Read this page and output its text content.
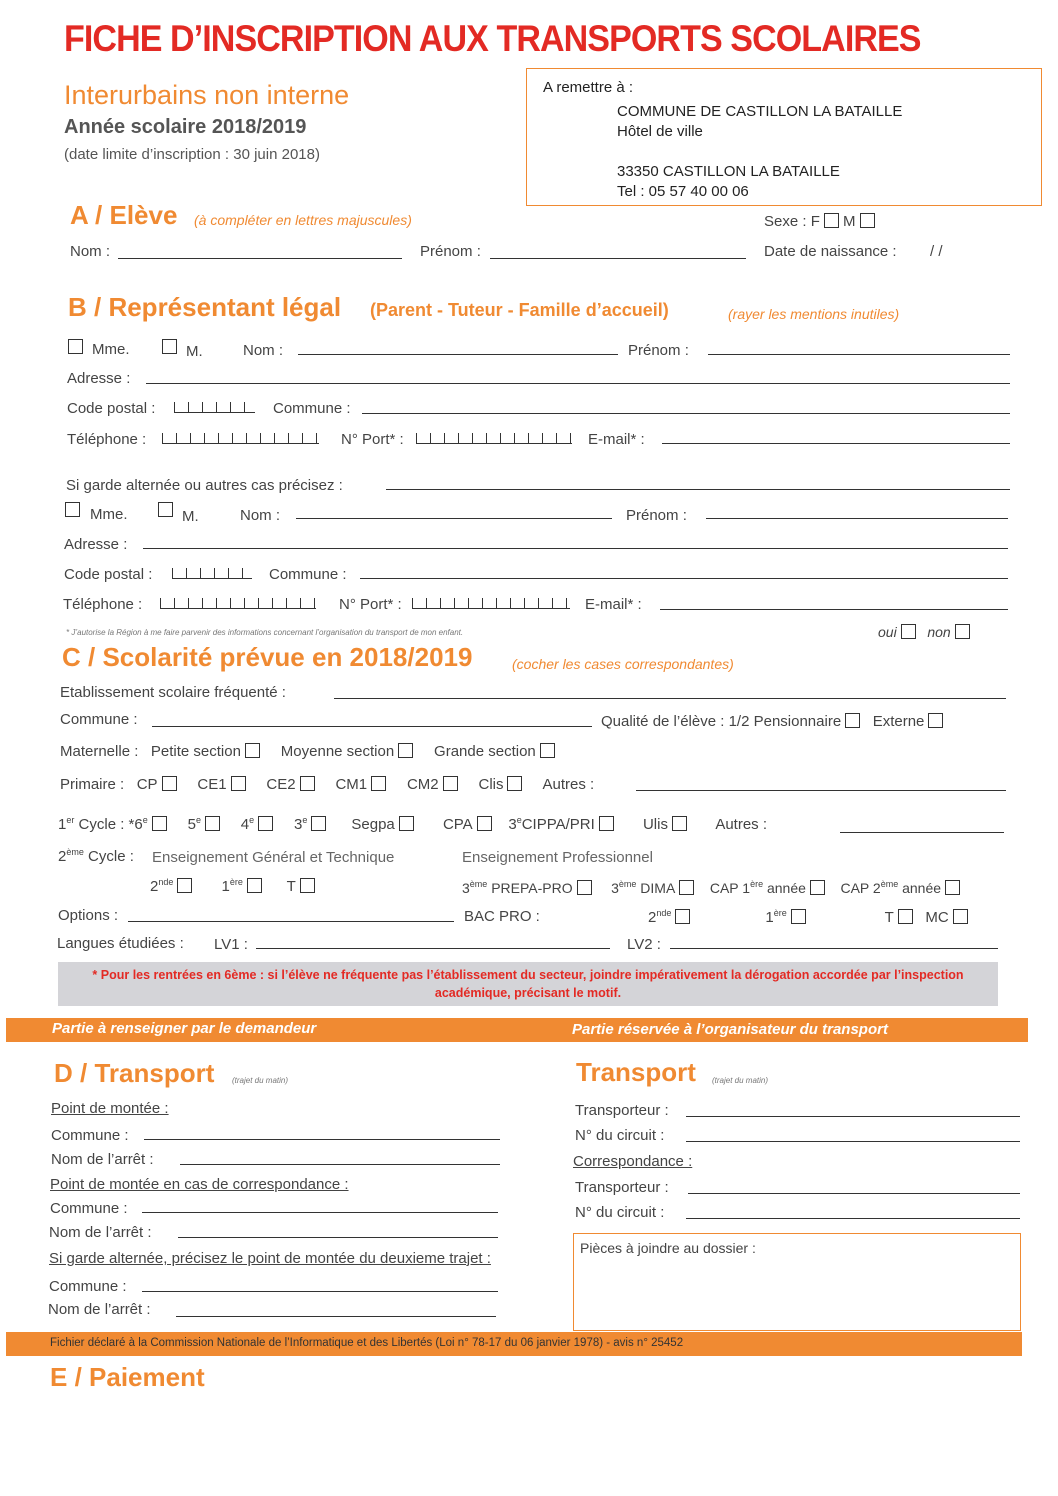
FICHE D’INSCRIPTION AUX TRANSPORTS SCOLAIRES
Interurbains non interne
Année scolaire 2018/2019
(date limite d’inscription : 30 juin 2018)
A remettre à :
COMMUNE DE CASTILLON LA BATAILLE
Hôtel de ville
33350 CASTILLON LA BATAILLE
Tel : 05 57 40 00 06
A / Elève (à compléter en lettres majuscules)	Sexe : F M
Nom :	Prénom :	Date de naissance : / /
B / Représentant légal (Parent - Tuteur - Famille d’accueil)	(rayer les mentions inutiles)
Mme.	M.	Nom :	Prénom :
Adresse :
Code postal :	Commune :
Téléphone :	N° Port* :	E-mail* :
Si garde alternée ou autres cas précisez :
Mme.	M.	Nom :	Prénom :
Adresse :
Code postal :	Commune :
Téléphone :	N° Port* :	E-mail* :
* J’autorise la Région à me faire parvenir des informations concernant l’organisation du transport de mon enfant.	oui non
C / Scolarité prévue en 2018/2019	(cocher les cases correspondantes)
Etablissement scolaire fréquenté :
Commune :	Qualité de l’élève : 1/2 Pensionnaire Externe
Maternelle : Petite section	Moyenne section	Grande section
Primaire : CP	CE1	CE2	CM1	CM2	Clis	Autres :
1er Cycle : *6e	5e	4e	3e	Segpa	CPA    3eCIPPA/PRI	Ulis	Autres :
2ème Cycle : Enseignement Général et Technique	Enseignement Professionnel
2nde       1ère	T	3ème PREPA-PRO     3ème DIMA CAP 1ère année CAP 2ème année
Options :	BAC PRO :	2nde                  1ère	T MC
Langues étudiées : LV1 :	LV2 :
* Pour les rentrées en 6ème : si l’élève ne fréquente pas l’établissement du secteur, joindre impérativement la dérogation accordée par l’inspection académique, précisant le motif.
Partie à renseigner par le demandeur	Partie réservée à l’organisateur du transport
D / Transport (trajet du matin)
Point de montée :
Commune :
Nom de l’arrêt :
Point de montée en cas de correspondance :
Commune :
Nom de l’arrêt :
Si garde alternée, précisez le point de montée du deuxieme trajet :
Commune :
Nom de l’arrêt :
Transport (trajet du matin)
Transporteur :
N° du circuit :
Correspondance :
Transporteur :
N° du circuit :
Pièces à joindre au dossier :
Fichier déclaré à la Commission Nationale de l’Informatique et des Libertés (Loi n° 78-17 du 06 janvier 1978) - avis n° 25452
E / Paiement
